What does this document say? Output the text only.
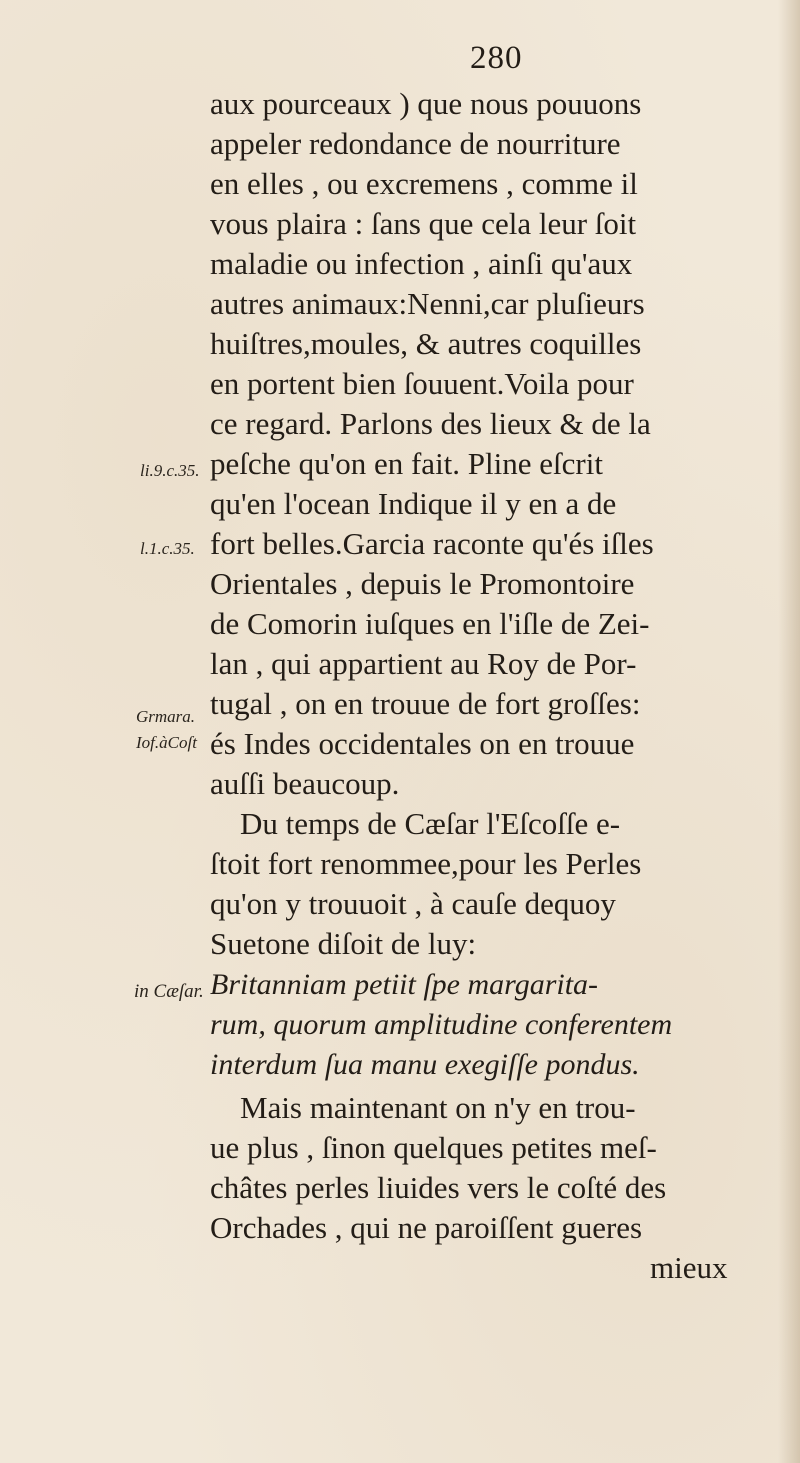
280
aux pourceaux ) que nous pouuons
appeler redondance de nourriture
en elles , ou excremens , comme il
vous plaira : ſans que cela leur ſoit
maladie ou infection , ainſi qu'aux
autres animaux:Nenni,car pluſieurs
huiſtres,moules, & autres coquilles
en portent bien ſouuent.Voila pour
ce regard. Parlons des lieux & de la
peſche qu'on en fait. Pline eſcrit
qu'en l'ocean Indique il y en a de
fort belles.Garcia raconte qu'és iſles
Orientales , depuis le Promontoire
de Comorin iuſques en l'iſle de Zei-
lan , qui appartient au Roy de Por-
tugal , on en trouue de fort groſſes:
és Indes occidentales on en trouue
auſſi beaucoup.
Du temps de Cæſar l'Eſcoſſe e-
ſtoit fort renommee,pour les Perles
qu'on y trouuoit , à cauſe dequoy
Suetone diſoit de luy:
Britanniam petiit ſpe margarita-
rum, quorum amplitudine conferentem
interdum ſua manu exegiſſe pondus.
Mais maintenant on n'y en trou-
ue plus , ſinon quelques petites meſ-
châtes perles liuides vers le coſté des
Orchades , qui ne paroiſſent gueres
mieux
li.9.c.35.
l.1.c.35.
Grmara.
Iof.àCoſt
in Cæſar.
